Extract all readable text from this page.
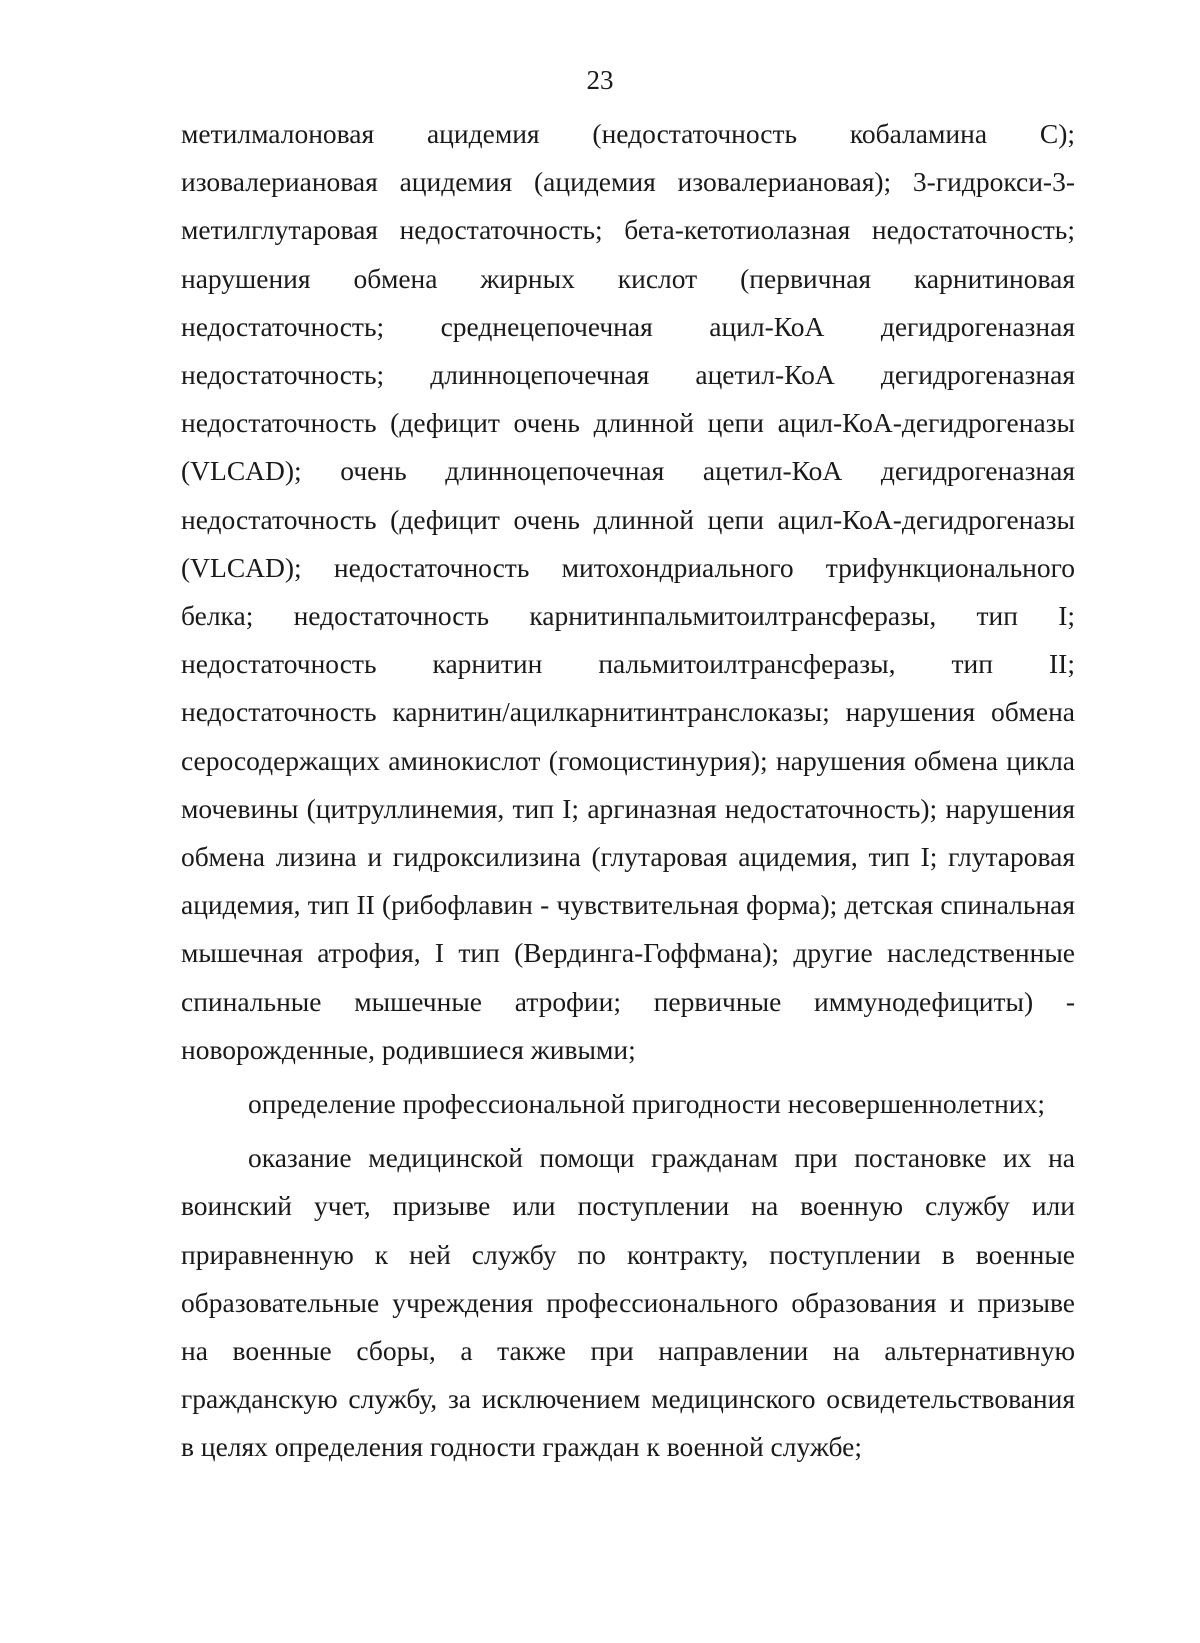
23

метилмалоновая ацидемия (недостаточность кобаламина C); изовалериановая ацидемия (ацидемия изовалериановая); 3-гидрокси-3-метилглутаровая недостаточность; бета-кетотиолазная недостаточность; нарушения обмена жирных кислот (первичная карнитиновая недостаточность; среднецепочечная ацил-КоА дегидрогеназная недостаточность; длинноцепочечная ацетил-КоА дегидрогеназная недостаточность (дефицит очень длинной цепи ацил-КоА-дегидрогеназы (VLCAD); очень длинноцепочечная ацетил-КоА дегидрогеназная недостаточность (дефицит очень длинной цепи ацил-КоА-дегидрогеназы (VLCAD); недостаточность митохондриального трифункционального белка; недостаточность карнитинпальмитоилтрансферазы, тип I; недостаточность карнитин пальмитоилтрансферазы, тип II; недостаточность карнитин/ацилкарнитинтранслоказы; нарушения обмена серосодержащих аминокислот (гомоцистинурия); нарушения обмена цикла мочевины (цитруллинемия, тип I; аргиназная недостаточность); нарушения обмена лизина и гидроксилизина (глутаровая ацидемия, тип I; глутаровая ацидемия, тип II (рибофлавин - чувствительная форма); детская спинальная мышечная атрофия, I тип (Вердинга-Гоффмана); другие наследственные спинальные мышечные атрофии; первичные иммунодефициты) - новорожденные, родившиеся живыми;

определение профессиональной пригодности несовершеннолетних;

оказание медицинской помощи гражданам при постановке их на воинский учет, призыве или поступлении на военную службу или приравненную к ней службу по контракту, поступлении в военные образовательные учреждения профессионального образования и призыве на военные сборы, а также при направлении на альтернативную гражданскую службу, за исключением медицинского освидетельствования в целях определения годности граждан к военной службе;
